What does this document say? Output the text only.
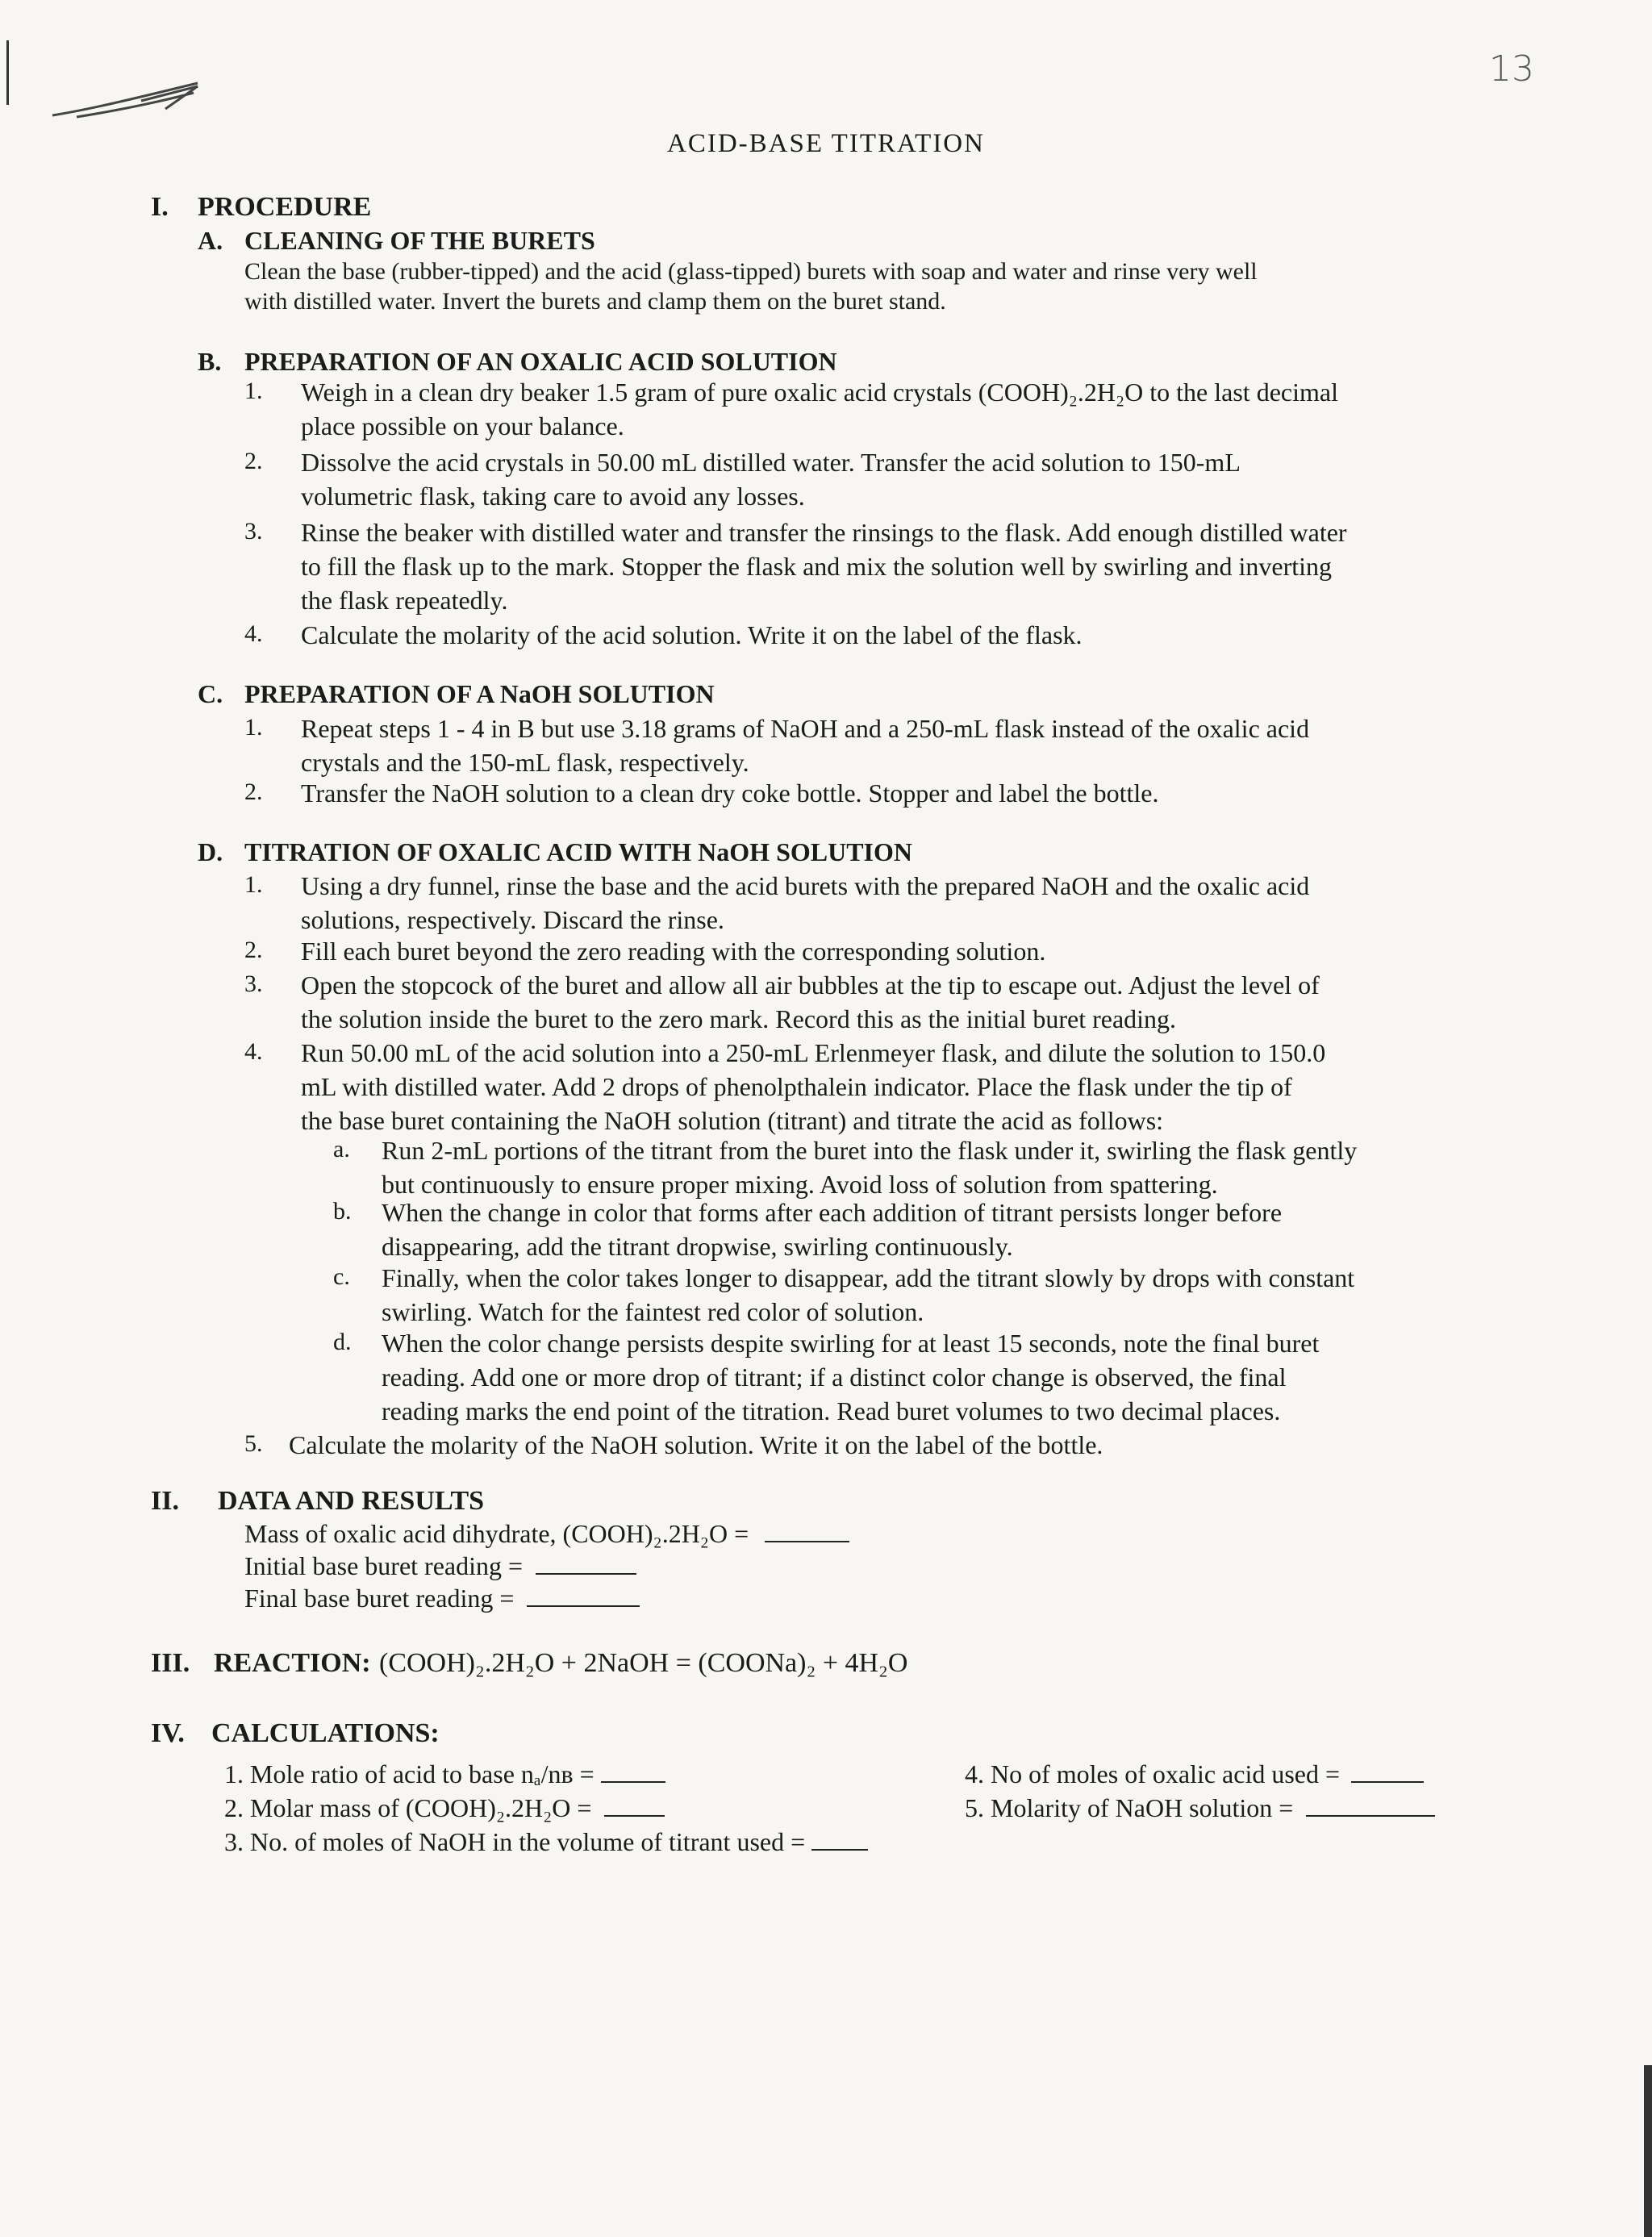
13
ACID-BASE TITRATION
I. PROCEDURE
A. CLEANING OF THE BURETS
Clean the base (rubber-tipped) and the acid (glass-tipped) burets with soap and water and rinse very well
with distilled water. Invert the burets and clamp them on the buret stand.
B. PREPARATION OF AN OXALIC ACID SOLUTION
1. Weigh in a clean dry beaker 1.5 gram of pure oxalic acid crystals (COOH)₂.2H₂O to the last decimal
place possible on your balance.
2. Dissolve the acid crystals in 50.00 mL distilled water. Transfer the acid solution to 150-mL
volumetric flask, taking care to avoid any losses.
3. Rinse the beaker with distilled water and transfer the rinsings to the flask. Add enough distilled water
to fill the flask up to the mark. Stopper the flask and mix the solution well by swirling and inverting
the flask repeatedly.
4. Calculate the molarity of the acid solution. Write it on the label of the flask.
C. PREPARATION OF A NaOH SOLUTION
1. Repeat steps 1 - 4 in B but use 3.18 grams of NaOH and a 250-mL flask instead of the oxalic acid
crystals and the 150-mL flask, respectively.
2. Transfer the NaOH solution to a clean dry coke bottle. Stopper and label the bottle.
D. TITRATION OF OXALIC ACID WITH NaOH SOLUTION
1. Using a dry funnel, rinse the base and the acid burets with the prepared NaOH and the oxalic acid
solutions, respectively. Discard the rinse.
2. Fill each buret beyond the zero reading with the corresponding solution.
3. Open the stopcock of the buret and allow all air bubbles at the tip to escape out. Adjust the level of
the solution inside the buret to the zero mark. Record this as the initial buret reading.
4. Run 50.00 mL of the acid solution into a 250-mL Erlenmeyer flask, and dilute the solution to 150.0
mL with distilled water. Add 2 drops of phenolpthalein indicator. Place the flask under the tip of
the base buret containing the NaOH solution (titrant) and titrate the acid as follows:
a. Run 2-mL portions of the titrant from the buret into the flask under it, swirling the flask gently
but continuously to ensure proper mixing. Avoid loss of solution from spattering.
b. When the change in color that forms after each addition of titrant persists longer before
disappearing, add the titrant dropwise, swirling continuously.
c. Finally, when the color takes longer to disappear, add the titrant slowly by drops with constant
swirling. Watch for the faintest red color of solution.
d. When the color change persists despite swirling for at least 15 seconds, note the final buret
reading. Add one or more drop of titrant; if a distinct color change is observed, the final
reading marks the end point of the titration. Read buret volumes to two decimal places.
5. Calculate the molarity of the NaOH solution. Write it on the label of the bottle.
II. DATA AND RESULTS
Mass of oxalic acid dihydrate, (COOH)₂.2H₂O =
Initial base buret reading =
Final base buret reading =
III. REACTION: (COOH)₂.2H₂O + 2NaOH = (COONa)₂ + 4H₂O
IV. CALCULATIONS:
1. Mole ratio of acid to base nₐ/nʙ =
2. Molar mass of (COOH)₂.2H₂O =
3. No. of moles of NaOH in the volume of titrant used =
4. No of moles of oxalic acid used =
5. Molarity of NaOH solution =
